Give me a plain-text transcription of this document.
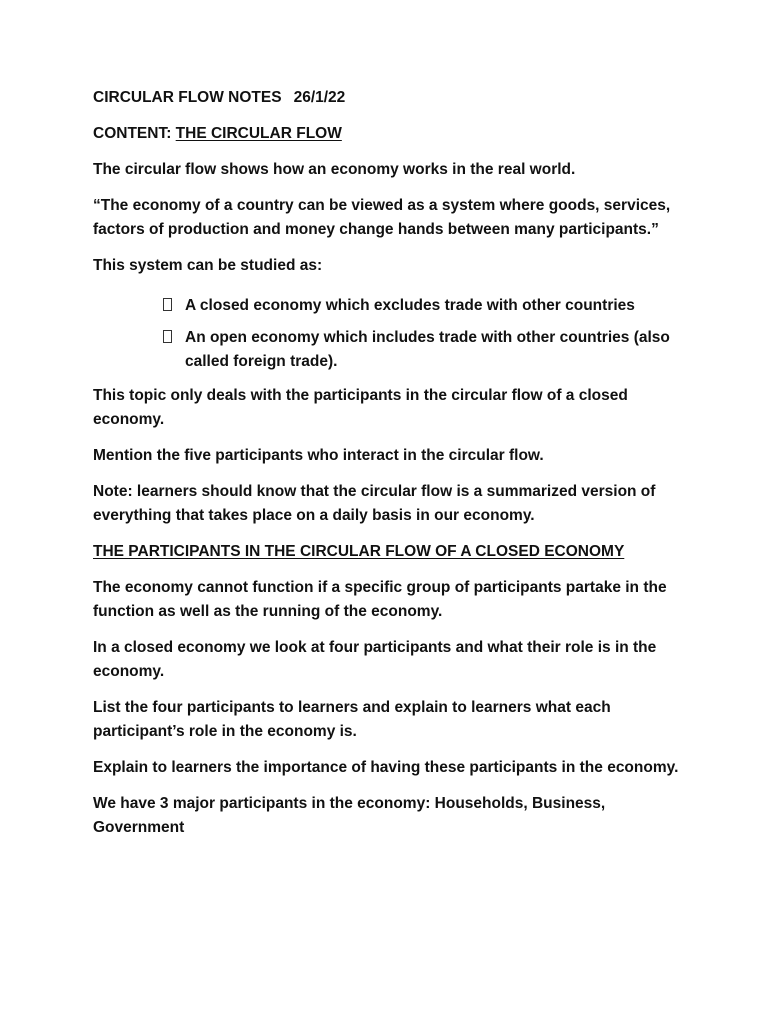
CIRCULAR FLOW NOTES 26/1/22

CONTENT: THE CIRCULAR FLOW

The circular flow shows how an economy works in the real world.

“The economy of a country can be viewed as a system where goods, services, factors of production and money change hands between many participants.”

This system can be studied as:

A closed economy which excludes trade with other countries
An open economy which includes trade with other countries (also called foreign trade).

This topic only deals with the participants in the circular flow of a closed economy.

Mention the five participants who interact in the circular flow.

Note: learners should know that the circular flow is a summarized version of everything that takes place on a daily basis in our economy.

THE PARTICIPANTS IN THE CIRCULAR FLOW OF A CLOSED ECONOMY

The economy cannot function if a specific group of participants partake in the function as well as the running of the economy.

In a closed economy we look at four participants and what their role is in the economy.

List the four participants to learners and explain to learners what each participant’s role in the economy is.

Explain to learners the importance of having these participants in the economy.

We have 3 major participants in the economy: Households, Business, Government
